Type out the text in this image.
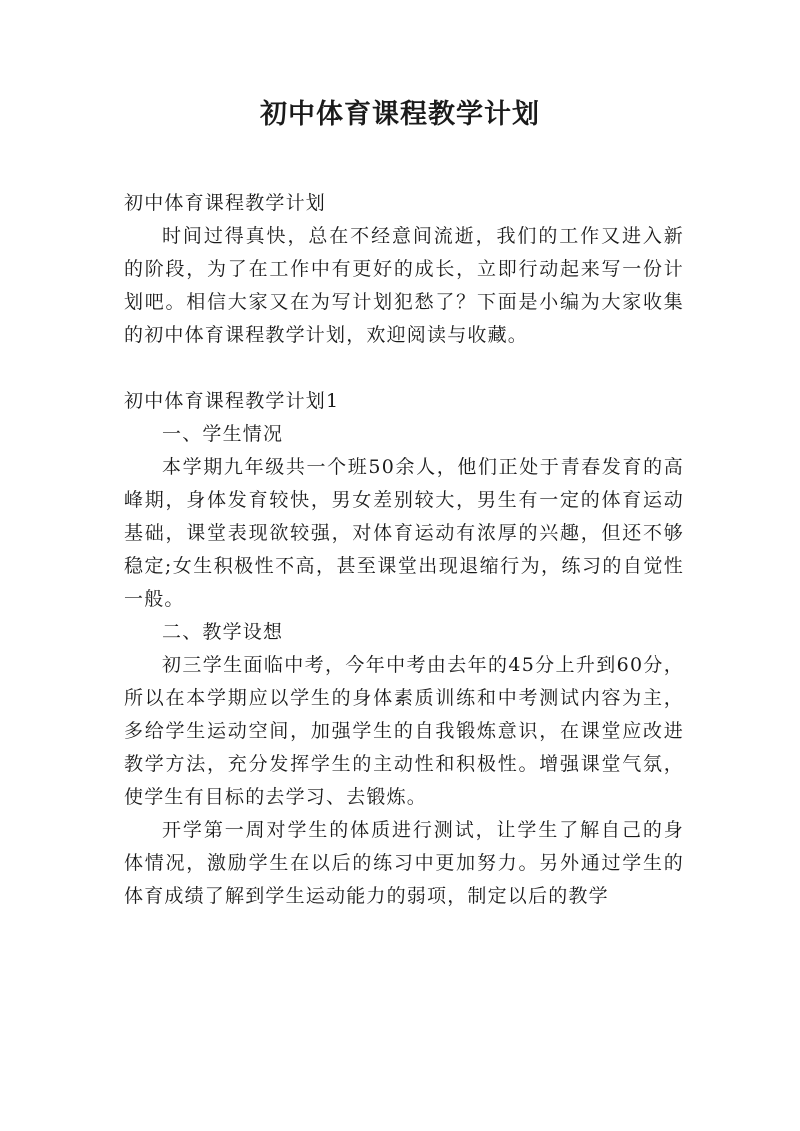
初中体育课程教学计划

初中体育课程教学计划

时间过得真快，总在不经意间流逝，我们的工作又进入新的阶段，为了在工作中有更好的成长，立即行动起来写一份计划吧。相信大家又在为写计划犯愁了？下面是小编为大家收集的初中体育课程教学计划，欢迎阅读与收藏。

初中体育课程教学计划1

一、学生情况

本学期九年级共一个班50余人，他们正处于青春发育的高峰期，身体发育较快，男女差别较大，男生有一定的体育运动基础，课堂表现欲较强，对体育运动有浓厚的兴趣，但还不够稳定;女生积极性不高，甚至课堂出现退缩行为，练习的自觉性一般。

二、教学设想

初三学生面临中考，今年中考由去年的45分上升到60分，所以在本学期应以学生的身体素质训练和中考测试内容为主，多给学生运动空间，加强学生的自我锻炼意识，在课堂应改进教学方法，充分发挥学生的主动性和积极性。增强课堂气氛，使学生有目标的去学习、去锻炼。

开学第一周对学生的体质进行测试，让学生了解自己的身体情况，激励学生在以后的练习中更加努力。另外通过学生的体育成绩了解到学生运动能力的弱项，制定以后的教学
